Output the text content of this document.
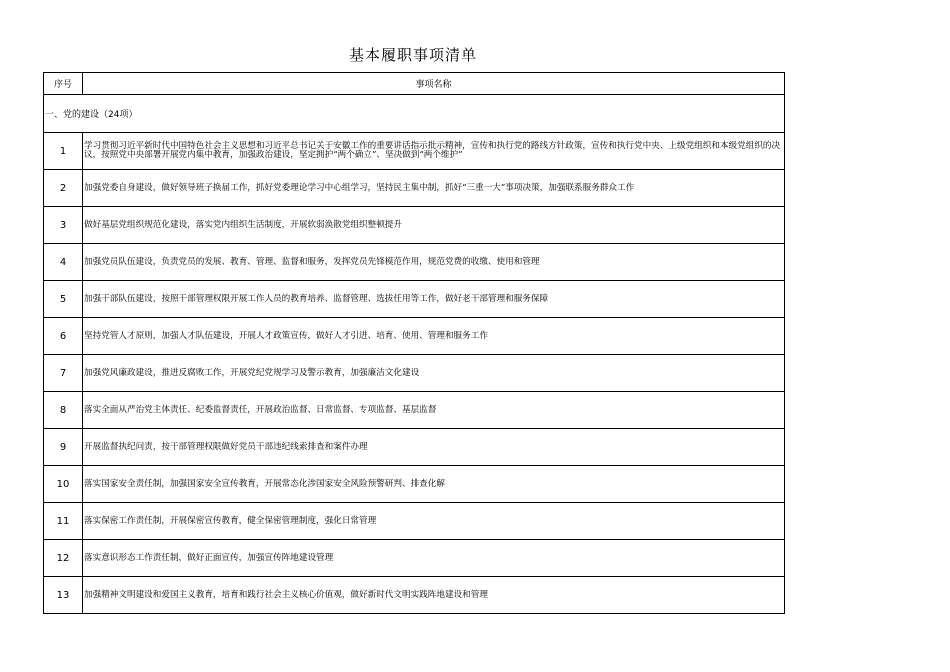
基本履职事项清单
序号	事项名称
一、党的建设（24项）	
1	学习贯彻习近平新时代中国特色社会主义思想和习近平总书记关于安徽工作的重要讲话指示批示精神，宣传和执行党的路线方针政策，宣传和执行党中央、上级党组织和本级党组织的决议，按照党中央部署开展党内集中教育，加强政治建设，坚定拥护“两个确立”、坚决做到“两个维护”
2	加强党委自身建设，做好领导班子换届工作，抓好党委理论学习中心组学习，坚持民主集中制，抓好“三重一大”事项决策，加强联系服务群众工作
3	做好基层党组织规范化建设，落实党内组织生活制度，开展软弱涣散党组织整顿提升
4	加强党员队伍建设，负责党员的发展、教育、管理、监督和服务，发挥党员先锋模范作用，规范党费的收缴、使用和管理
5	加强干部队伍建设，按照干部管理权限开展工作人员的教育培养、监督管理、选拔任用等工作，做好老干部管理和服务保障
6	坚持党管人才原则，加强人才队伍建设，开展人才政策宣传，做好人才引进、培育、使用、管理和服务工作
7	加强党风廉政建设，推进反腐败工作，开展党纪党规学习及警示教育，加强廉洁文化建设
8	落实全面从严治党主体责任、纪委监督责任，开展政治监督、日常监督、专项监督、基层监督
9	开展监督执纪问责，按干部管理权限做好党员干部违纪线索排查和案件办理
10	落实国家安全责任制，加强国家安全宣传教育，开展常态化涉国家安全风险预警研判、排查化解
11	落实保密工作责任制，开展保密宣传教育，健全保密管理制度，强化日常管理
12	落实意识形态工作责任制，做好正面宣传，加强宣传阵地建设管理
13	加强精神文明建设和爱国主义教育，培育和践行社会主义核心价值观，做好新时代文明实践阵地建设和管理
